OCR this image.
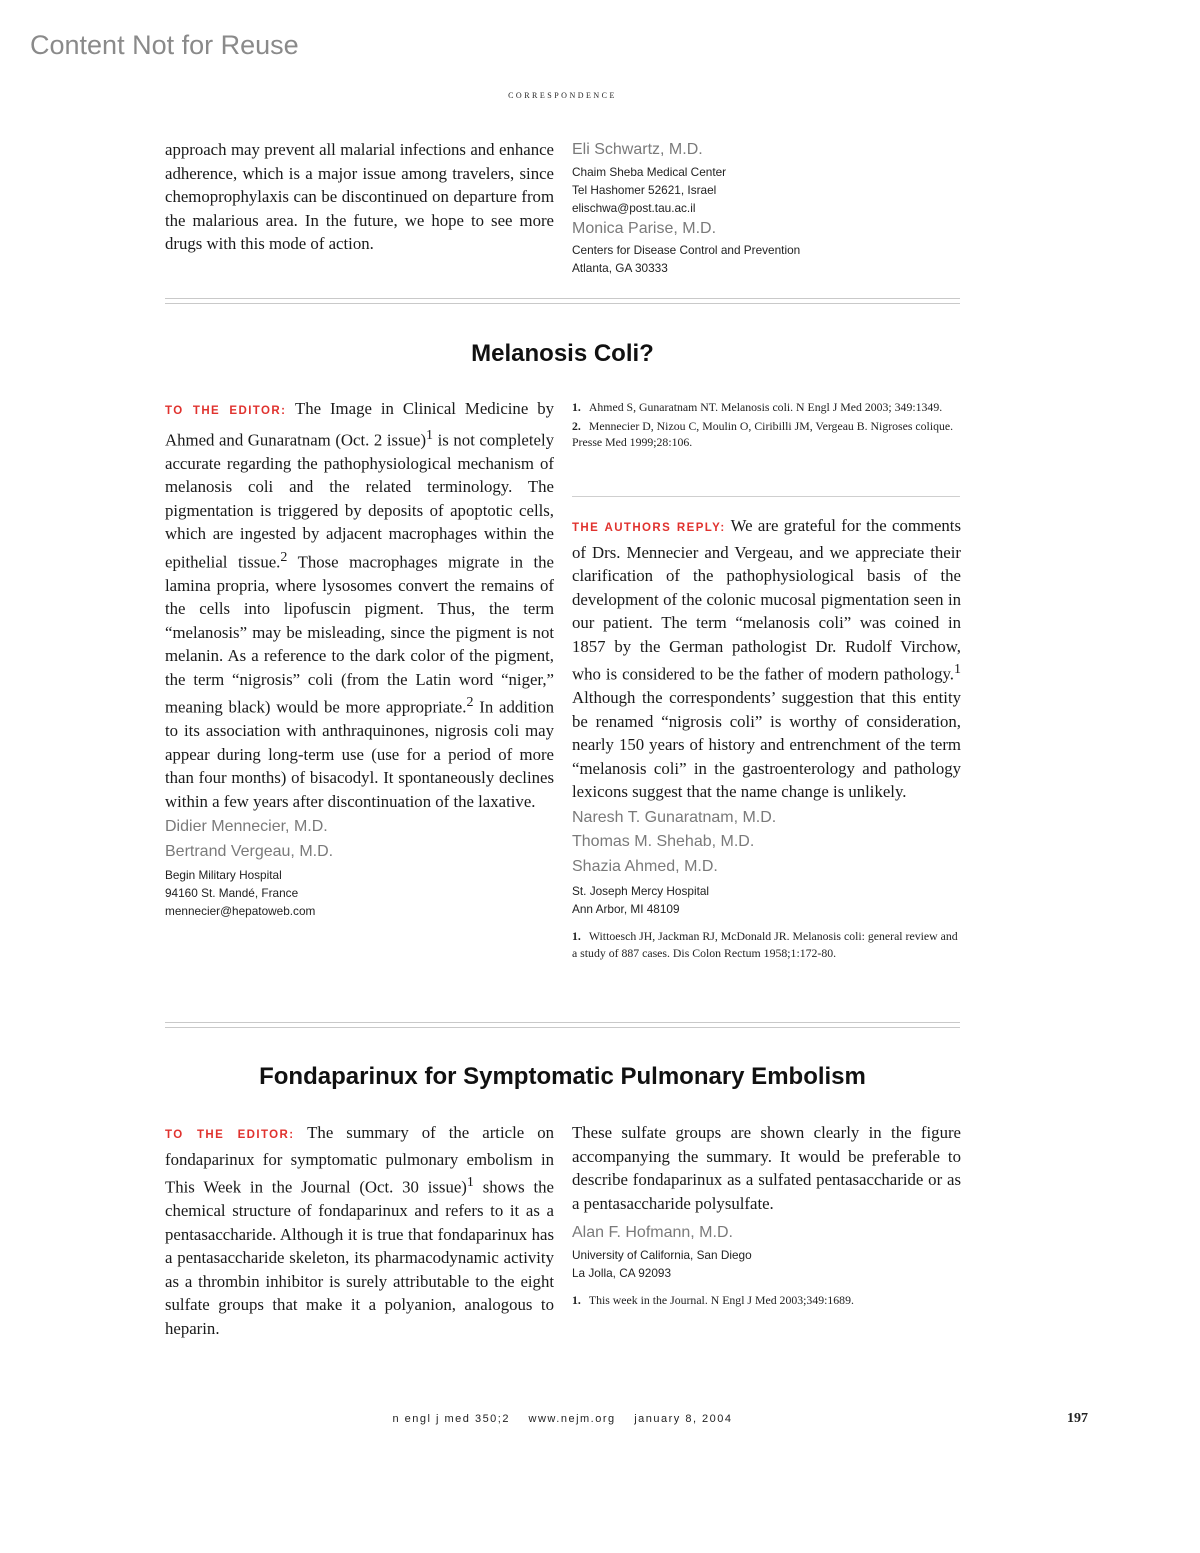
Content Not for Reuse
correspondence

approach may prevent all malarial infections and enhance adherence, which is a major issue among travelers, since chemoprophylaxis can be discontinued on departure from the malarious area. In the future, we hope to see more drugs with this mode of action.

Eli Schwartz, M.D.
Chaim Sheba Medical Center
Tel Hashomer 52621, Israel
elischwa@post.tau.ac.il
Monica Parise, M.D.
Centers for Disease Control and Prevention
Atlanta, GA 30333
Melanosis Coli?

TO THE EDITOR: The Image in Clinical Medicine by Ahmed and Gunaratnam (Oct. 2 issue)$^1$ is not completely accurate regarding the pathophysiological mechanism of melanosis coli and the related terminology. The pigmentation is triggered by deposits of apoptotic cells, which are ingested by adjacent macrophages within the epithelial tissue.$^2$ Those macrophages migrate in the lamina propria, where lysosomes convert the remains of the cells into lipofuscin pigment. Thus, the term “melanosis” may be misleading, since the pigment is not melanin. As a reference to the dark color of the pigment, the term “nigrosis” coli (from the Latin word “niger,” meaning black) would be more appropriate.$^2$ In addition to its association with anthraquinones, nigrosis coli may appear during long-term use (use for a period of more than four months) of bisacodyl. It spontaneously declines within a few years after discontinuation of the laxative.

Didier Mennecier, M.D.
Bertrand Vergeau, M.D.
Begin Military Hospital
94160 St. Mandé, France
mennecier@hepatoweb.com
1. Ahmed S, Gunaratnam NT. Melanosis coli. N Engl J Med 2003; 349:1349.
2. Mennecier D, Nizou C, Moulin O, Ciribilli JM, Vergeau B. Nigroses colique. Presse Med 1999;28:106.

THE AUTHORS REPLY: We are grateful for the comments of Drs. Mennecier and Vergeau, and we appreciate their clarification of the pathophysiological basis of the development of the colonic mucosal pigmentation seen in our patient. The term “melanosis coli” was coined in 1857 by the German pathologist Dr. Rudolf Virchow, who is considered to be the father of modern pathology.$^1$ Although the correspondents’ suggestion that this entity be renamed “nigrosis coli” is worthy of consideration, nearly 150 years of history and entrenchment of the term “melanosis coli” in the gastroenterology and pathology lexicons suggest that the name change is unlikely.

Naresh T. Gunaratnam, M.D.
Thomas M. Shehab, M.D.
Shazia Ahmed, M.D.
St. Joseph Mercy Hospital
Ann Arbor, MI 48109
1. Wittoesch JH, Jackman RJ, McDonald JR. Melanosis coli: general review and a study of 887 cases. Dis Colon Rectum 1958;1:172-80.
Fondaparinux for Symptomatic Pulmonary Embolism

TO THE EDITOR: The summary of the article on fondaparinux for symptomatic pulmonary embolism in This Week in the Journal (Oct. 30 issue)$^1$ shows the chemical structure of fondaparinux and refers to it as a pentasaccharide. Although it is true that fondaparinux has a pentasaccharide skeleton, its pharmacodynamic activity as a thrombin inhibitor is surely attributable to the eight sulfate groups that make it a polyanion, analogous to heparin.

These sulfate groups are shown clearly in the figure accompanying the summary. It would be preferable to describe fondaparinux as a sulfated pentasaccharide or as a pentasaccharide polysulfate.

Alan F. Hofmann, M.D.
University of California, San Diego
La Jolla, CA 92093
1. This week in the Journal. N Engl J Med 2003;349:1689.
n engl j med 350;2 www.nejm.org january 8, 2004	197
